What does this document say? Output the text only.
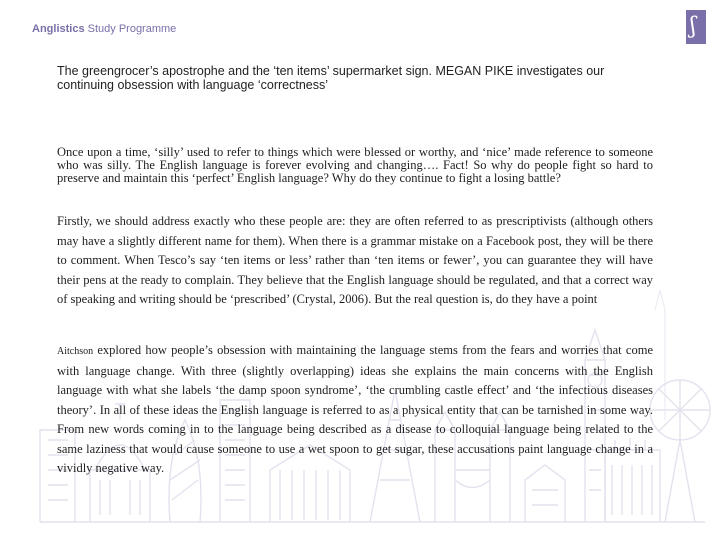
Anglistics Study Programme	ʃ
The greengrocer’s apostrophe and the ‘ten items’ supermarket sign. MEGAN PIKE investigates our continuing obsession with language ‘correctness’
Once upon a time, ‘silly’ used to refer to things which were blessed or worthy, and ‘nice’ made reference to someone who was silly. The English language is forever evolving and changing…. Fact! So why do people fight so hard to preserve and maintain this ‘perfect’ English language? Why do they continue to fight a losing battle?
Firstly, we should address exactly who these people are: they are often referred to as prescriptivists (although others may have a slightly different name for them). When there is a grammar mistake on a Facebook post, they will be there to comment. When Tesco’s say ‘ten items or less’ rather than ‘ten items or fewer’, you can guarantee they will have their pens at the ready to complain. They believe that the English language should be regulated, and that a correct way of speaking and writing should be ‘prescribed’ (Crystal, 2006). But the real question is, do they have a point
Aitchson explored how people’s obsession with maintaining the language stems from the fears and worries that come with language change. With three (slightly overlapping) ideas she explains the main concerns with the English language with what she labels ‘the damp spoon syndrome’, ‘the crumbling castle effect’ and ‘the infectious diseases theory’. In all of these ideas the English language is referred to as a physical entity that can be tarnished in some way. From new words coming in to the language being described as a disease to colloquial language being related to the same laziness that would cause someone to use a wet spoon to get sugar, these accusations paint language change in a vividly negative way.
